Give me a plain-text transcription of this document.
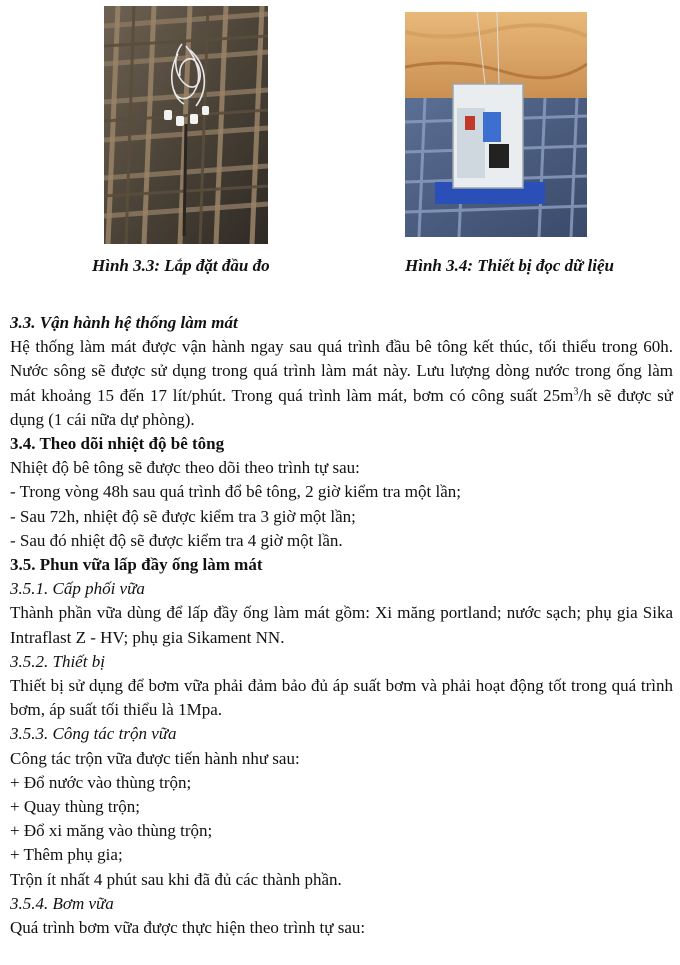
Hình 3.3: Lắp đặt đầu đo	Hình 3.4: Thiết bị đọc dữ liệu

3.3. Vận hành hệ thống làm mát

Hệ thống làm mát được vận hành ngay sau quá trình đầu bê tông kết thúc, tối thiểu trong 60h. Nước sông sẽ được sử dụng trong quá trình làm mát này. Lưu lượng dòng nước trong ống làm mát khoảng 15 đến 17 lít/phút. Trong quá trình làm mát, bơm có công suất $25m^3/h$ sẽ được sử dụng (1 cái nữa dự phòng).

3.4. Theo dõi nhiệt độ bê tông

Nhiệt độ bê tông sẽ được theo dõi theo trình tự sau:

- Trong vòng 48h sau quá trình đổ bê tông, 2 giờ kiểm tra một lần;

- Sau 72h, nhiệt độ sẽ được kiểm tra 3 giờ một lần;

- Sau đó nhiệt độ sẽ được kiểm tra 4 giờ một lần.

3.5. Phun vữa lấp đầy ống làm mát

3.5.1. Cấp phối vữa

Thành phần vữa dùng để lấp đầy ống làm mát gồm: Xi măng portland; nước sạch; phụ gia Sika Intraflast Z - HV; phụ gia Sikament NN.

3.5.2. Thiết bị

Thiết bị sử dụng để bơm vữa phải đảm bảo đủ áp suất bơm và phải hoạt động tốt trong quá trình bơm, áp suất tối thiểu là 1Mpa.

3.5.3. Công tác trộn vữa

Công tác trộn vữa được tiến hành như sau:

+ Đổ nước vào thùng trộn;

+ Quay thùng trộn;

+ Đổ xi măng vào thùng trộn;

+ Thêm phụ gia;

Trộn ít nhất 4 phút sau khi đã đủ các thành phần.

3.5.4. Bơm vữa

Quá trình bơm vữa được thực hiện theo trình tự sau:
